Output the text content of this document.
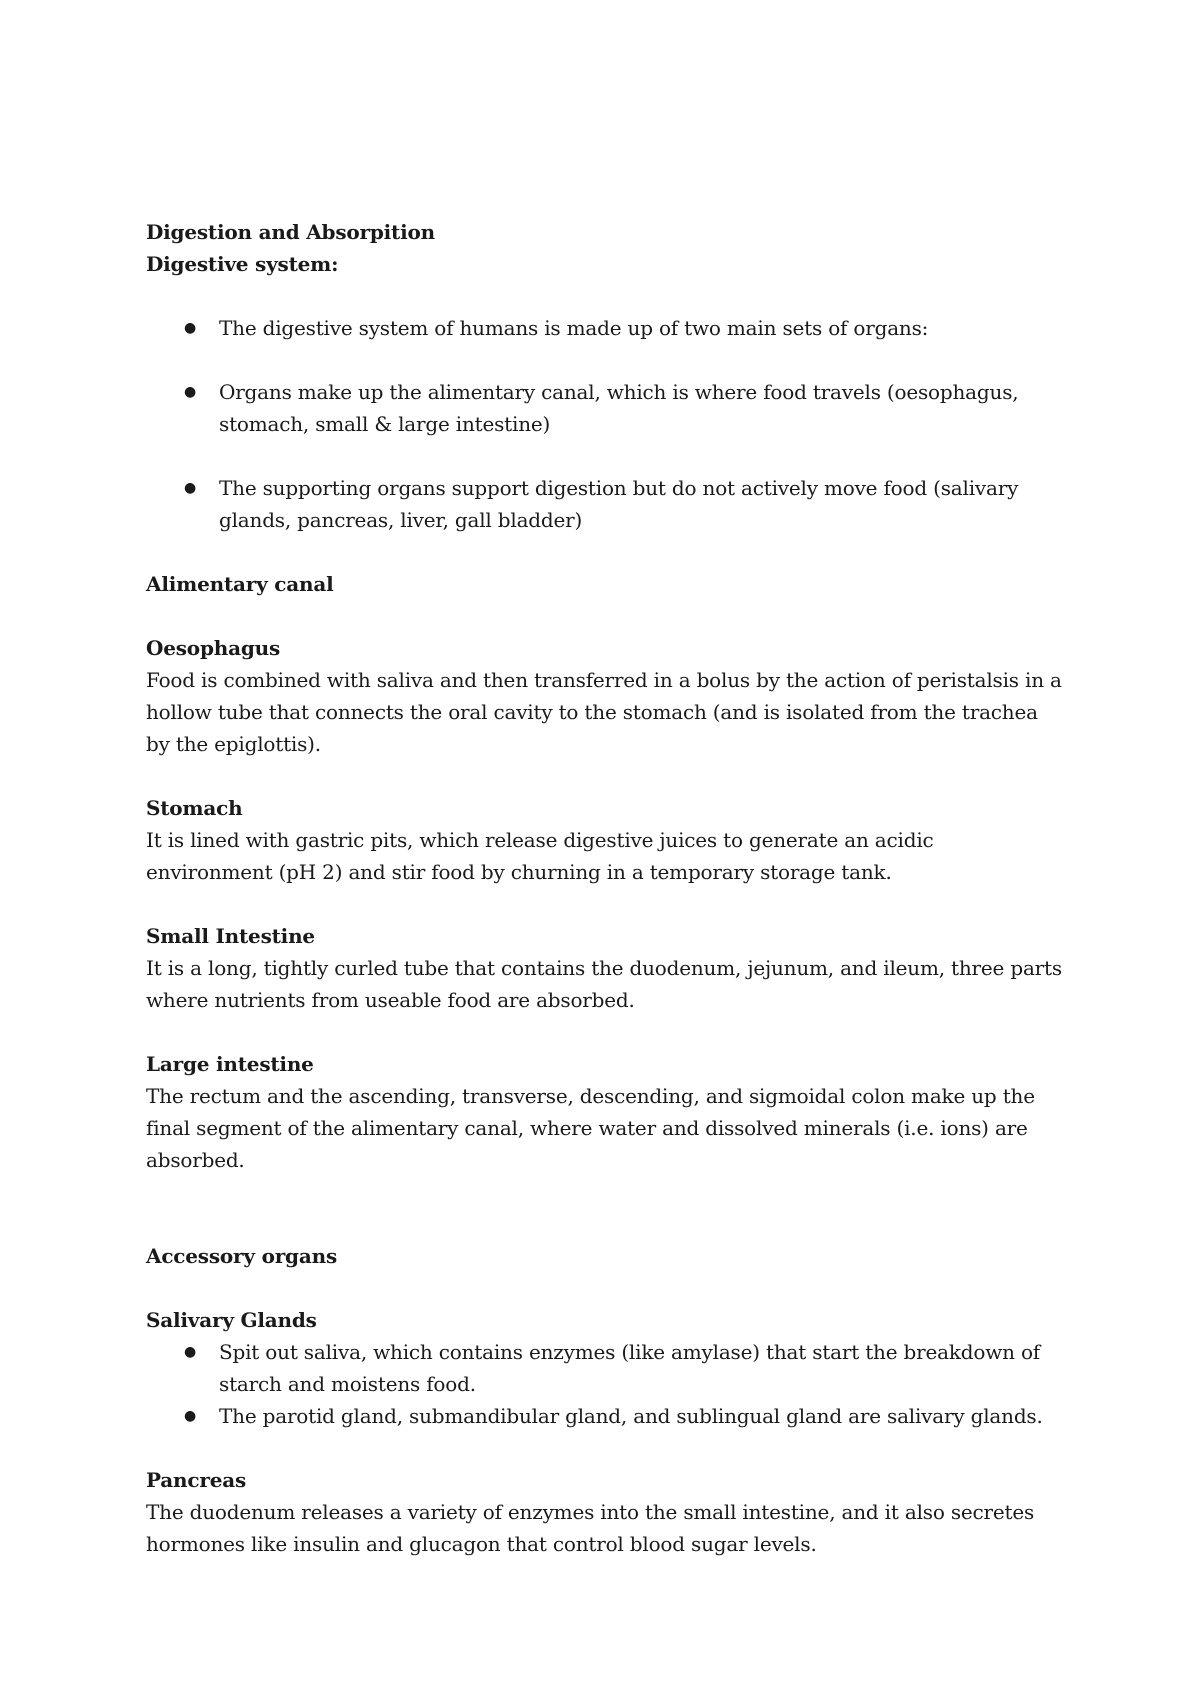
Digestion and Absorpition

Digestive system:

● The digestive system of humans is made up of two main sets of organs:
● Organs make up the alimentary canal, which is where food travels (oesophagus, stomach, small & large intestine)
● The supporting organs support digestion but do not actively move food (salivary glands, pancreas, liver, gall bladder)

Alimentary canal

Oesophagus

Food is combined with saliva and then transferred in a bolus by the action of peristalsis in a hollow tube that connects the oral cavity to the stomach (and is isolated from the trachea by the epiglottis).

Stomach

It is lined with gastric pits, which release digestive juices to generate an acidic environment (pH 2) and stir food by churning in a temporary storage tank.

Small Intestine

It is a long, tightly curled tube that contains the duodenum, jejunum, and ileum, three parts where nutrients from useable food are absorbed.

Large intestine

The rectum and the ascending, transverse, descending, and sigmoidal colon make up the final segment of the alimentary canal, where water and dissolved minerals (i.e. ions) are absorbed.

Accessory organs

Salivary Glands

● Spit out saliva, which contains enzymes (like amylase) that start the breakdown of starch and moistens food.
● The parotid gland, submandibular gland, and sublingual gland are salivary glands.

Pancreas

The duodenum releases a variety of enzymes into the small intestine, and it also secretes hormones like insulin and glucagon that control blood sugar levels.
